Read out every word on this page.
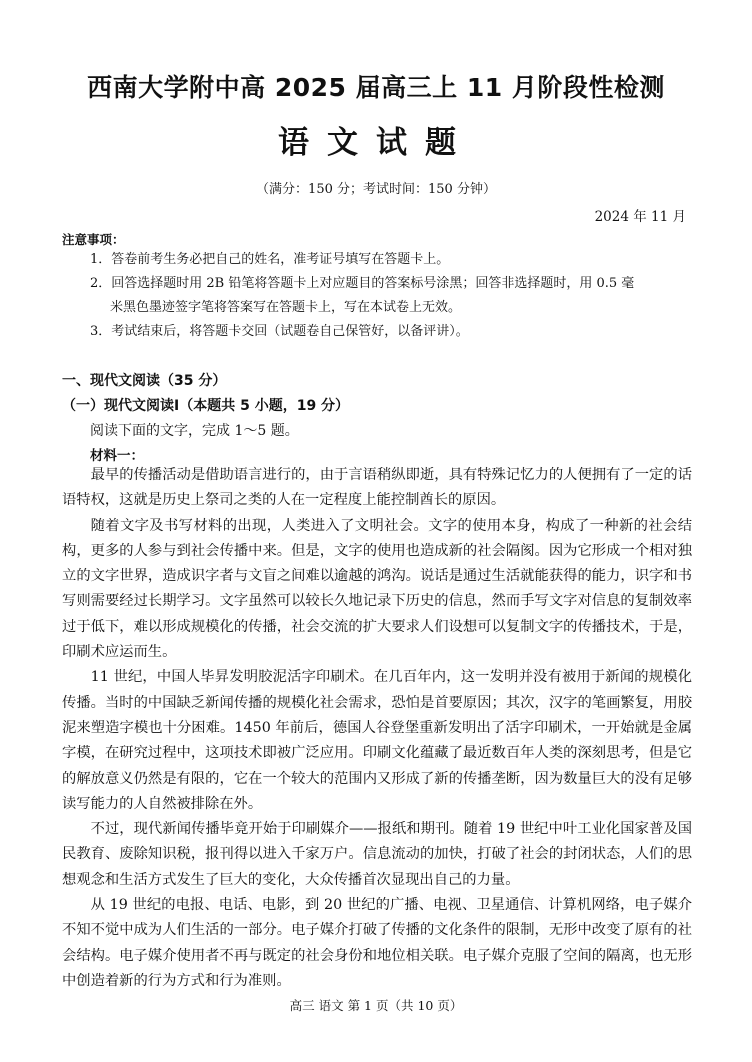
西南大学附中高 2025 届高三上 11 月阶段性检测
语文试题
（满分：150 分；考试时间：150 分钟）
2024 年 11 月
注意事项：
1．答卷前考生务必把自己的姓名，准考证号填写在答题卡上。
2．回答选择题时用 2B 铅笔将答题卡上对应题目的答案标号涂黑；回答非选择题时，用 0.5 毫
米黑色墨迹签字笔将答案写在答题卡上，写在本试卷上无效。
3．考试结束后，将答题卡交回（试题卷自己保管好，以备评讲）。
一、现代文阅读（35 分）
（一）现代文阅读I（本题共 5 小题，19 分）
阅读下面的文字，完成 1～5 题。
材料一：

最早的传播活动是借助语言进行的，由于言语稍纵即逝，具有特殊记忆力的人便拥有了一定的话语特权，这就是历史上祭司之类的人在一定程度上能控制酋长的原因。

随着文字及书写材料的出现，人类进入了文明社会。文字的使用本身，构成了一种新的社会结构，更多的人参与到社会传播中来。但是，文字的使用也造成新的社会隔阂。因为它形成一个相对独立的文字世界，造成识字者与文盲之间难以逾越的鸿沟。说话是通过生活就能获得的能力，识字和书写则需要经过长期学习。文字虽然可以较长久地记录下历史的信息，然而手写文字对信息的复制效率过于低下，难以形成规模化的传播，社会交流的扩大要求人们设想可以复制文字的传播技术，于是，印刷术应运而生。

11 世纪，中国人毕昇发明胶泥活字印刷术。在几百年内，这一发明并没有被用于新闻的规模化传播。当时的中国缺乏新闻传播的规模化社会需求，恐怕是首要原因；其次，汉字的笔画繁复，用胶泥来塑造字模也十分困难。1450 年前后，德国人谷登堡重新发明出了活字印刷术，一开始就是金属字模，在研究过程中，这项技术即被广泛应用。印刷文化蕴藏了最近数百年人类的深刻思考，但是它的解放意义仍然是有限的，它在一个较大的范围内又形成了新的传播垄断，因为数量巨大的没有足够读写能力的人自然被排除在外。

不过，现代新闻传播毕竟开始于印刷媒介——报纸和期刊。随着 19 世纪中叶工业化国家普及国民教育、废除知识税，报刊得以进入千家万户。信息流动的加快，打破了社会的封闭状态，人们的思想观念和生活方式发生了巨大的变化，大众传播首次显现出自己的力量。

从 19 世纪的电报、电话、电影，到 20 世纪的广播、电视、卫星通信、计算机网络，电子媒介不知不觉中成为人们生活的一部分。电子媒介打破了传播的文化条件的限制，无形中改变了原有的社会结构。电子媒介使用者不再与既定的社会身份和地位相关联。电子媒介克服了空间的隔离，也无形中创造着新的行为方式和行为准则。

高三 语文 第 1 页（共 10 页）
